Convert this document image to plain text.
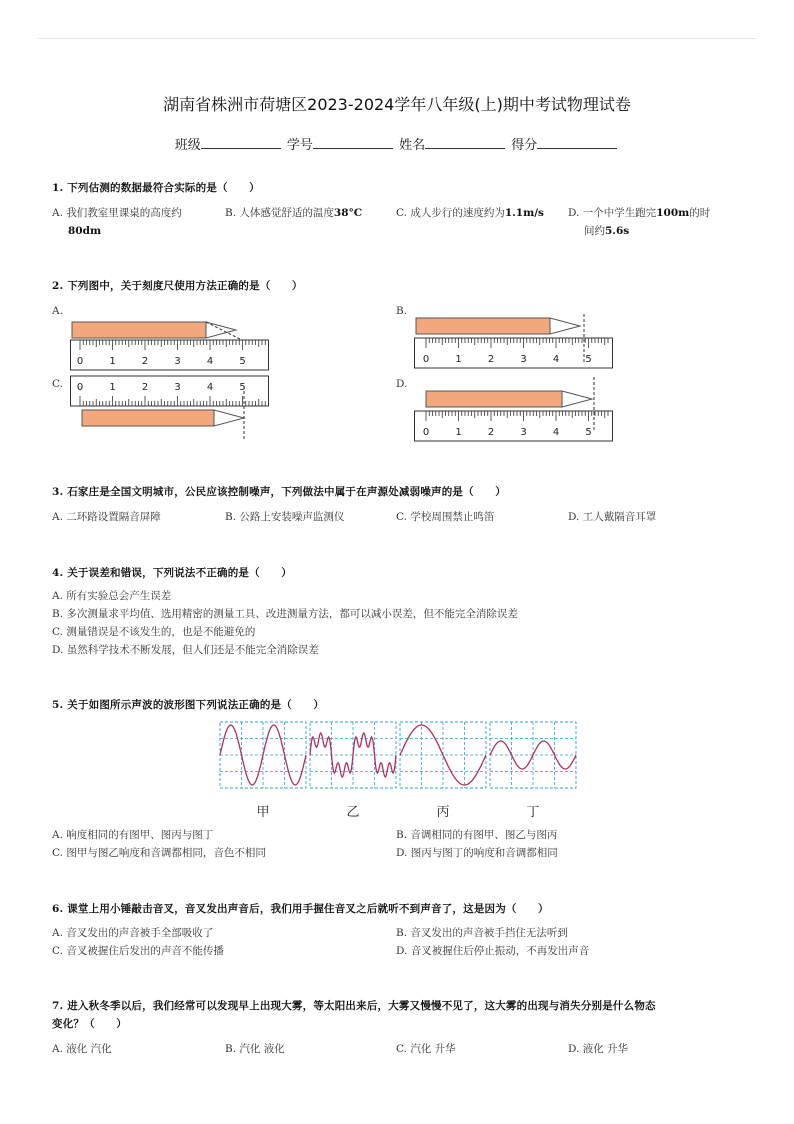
湖南省株洲市荷塘区2023-2024学年八年级(上)期中考试物理试卷
班级	学号	姓名	得分
1. 下列估测的数据最符合实际的是（　　）
A. 我们教室里课桌的高度约
80dm
B. 人体感觉舒适的温度38°C	C. 成人步行的速度约为1.1m/s D. 一个中学生跑完100m的时
间约5.6s
2. 下列图中，关于刻度尺使用方法正确的是（　　）
A.	B.
C.	D.
0	1	2	3	4	5	0	1	2	3	4	5
0	1	2	3	4	5
0	1	2	3	4	5
3. 石家庄是全国文明城市，公民应该控制噪声，下列做法中属于在声源处减弱噪声的是（　　）
A. 二环路设置隔音屏障	B. 公路上安装噪声监测仪	C. 学校周围禁止鸣笛	D. 工人戴隔音耳罩
4. 关于误差和错误，下列说法不正确的是（　　）
A. 所有实验总会产生误差
B. 多次测量求平均值、选用精密的测量工具、改进测量方法，都可以减小误差，但不能完全消除误差
C. 测量错误是不该发生的，也是不能避免的
D. 虽然科学技术不断发展，但人们还是不能完全消除误差
5. 关于如图所示声波的波形图下列说法正确的是（　　）
甲	乙	丙	丁
A. 响度相同的有图甲、图丙与图丁	B. 音调相同的有图甲、图乙与图丙
C. 图甲与图乙响度和音调都相同，音色不相同	D. 图丙与图丁的响度和音调都相同
6. 课堂上用小锤敲击音叉，音叉发出声音后，我们用手握住音叉之后就听不到声音了，这是因为（　　）
A. 音叉发出的声音被手全部吸收了	B. 音叉发出的声音被手挡住无法听到
C. 音叉被握住后发出的声音不能传播	D. 音叉被握住后停止振动，不再发出声音
7. 进入秋冬季以后，我们经常可以发现早上出现大雾，等太阳出来后，大雾又慢慢不见了，这大雾的出现与消失分别是什么物态
变化？（　　）
A. 液化 汽化	B. 汽化 液化	C. 汽化 升华	D. 液化 升华
